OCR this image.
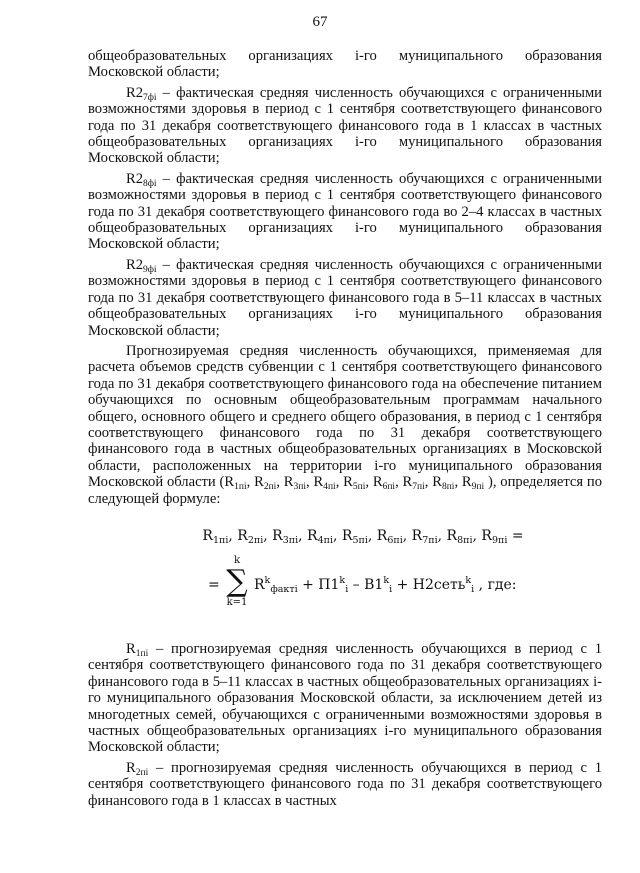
67

общеобразовательных организациях i-го муниципального образования Московской области;

$R2_{7фi}$ – фактическая средняя численность обучающихся с ограниченными возможностями здоровья в период с 1 сентября соответствующего финансового года по 31 декабря соответствующего финансового года в 1 классах в частных общеобразовательных организациях i-го муниципального образования Московской области;

$R2_{8фi}$ – фактическая средняя численность обучающихся с ограниченными возможностями здоровья в период с 1 сентября соответствующего финансового года по 31 декабря соответствующего финансового года во 2–4 классах в частных общеобразовательных организациях i-го муниципального образования Московской области;

$R2_{9фi}$ – фактическая средняя численность обучающихся с ограниченными возможностями здоровья в период с 1 сентября соответствующего финансового года по 31 декабря соответствующего финансового года в 5–11 классах в частных общеобразовательных организациях i-го муниципального образования Московской области;

Прогнозируемая средняя численность обучающихся, применяемая для расчета объемов средств субвенции с 1 сентября соответствующего финансового года по 31 декабря соответствующего финансового года на обеспечение питанием обучающихся по основным общеобразовательным программам начального общего, основного общего и среднего общего образования, в период с 1 сентября соответствующего финансового года по 31 декабря соответствующего финансового года в частных общеобразовательных организациях в Московской области, расположенных на территории i-го муниципального образования Московской области ($R_{1пi}$, $R_{2пi}$, $R_{3пi}$, $R_{4пi}$, $R_{5пi}$, $R_{6пi}$, $R_{7пi}$, $R_{8пi}$, $R_{9пi}$ ), определяется по следующей формуле:

$R_{1пi}$, $R_{2пi}$, $R_{3пi}$, $R_{4пi}$, $R_{5пi}$, $R_{6пi}$, $R_{7пi}$, $R_{8пi}$, $R_{9пi}$ =
=
k
∑
k=1
$R^k_{фактi} + П1^k_i - В1^k_i$ + Н2сеть$^k_i$ , где:

$R_{1пi}$ – прогнозируемая средняя численность обучающихся в период с 1 сентября соответствующего финансового года по 31 декабря соответствующего финансового года в 5–11 классах в частных общеобразовательных организациях i-го муниципального образования Московской области, за исключением детей из многодетных семей, обучающихся с ограниченными возможностями здоровья в частных общеобразовательных организациях i-го муниципального образования Московской области;

$R_{2пi}$ – прогнозируемая средняя численность обучающихся в период с 1 сентября соответствующего финансового года по 31 декабря соответствующего финансового года в 1 классах в частных
